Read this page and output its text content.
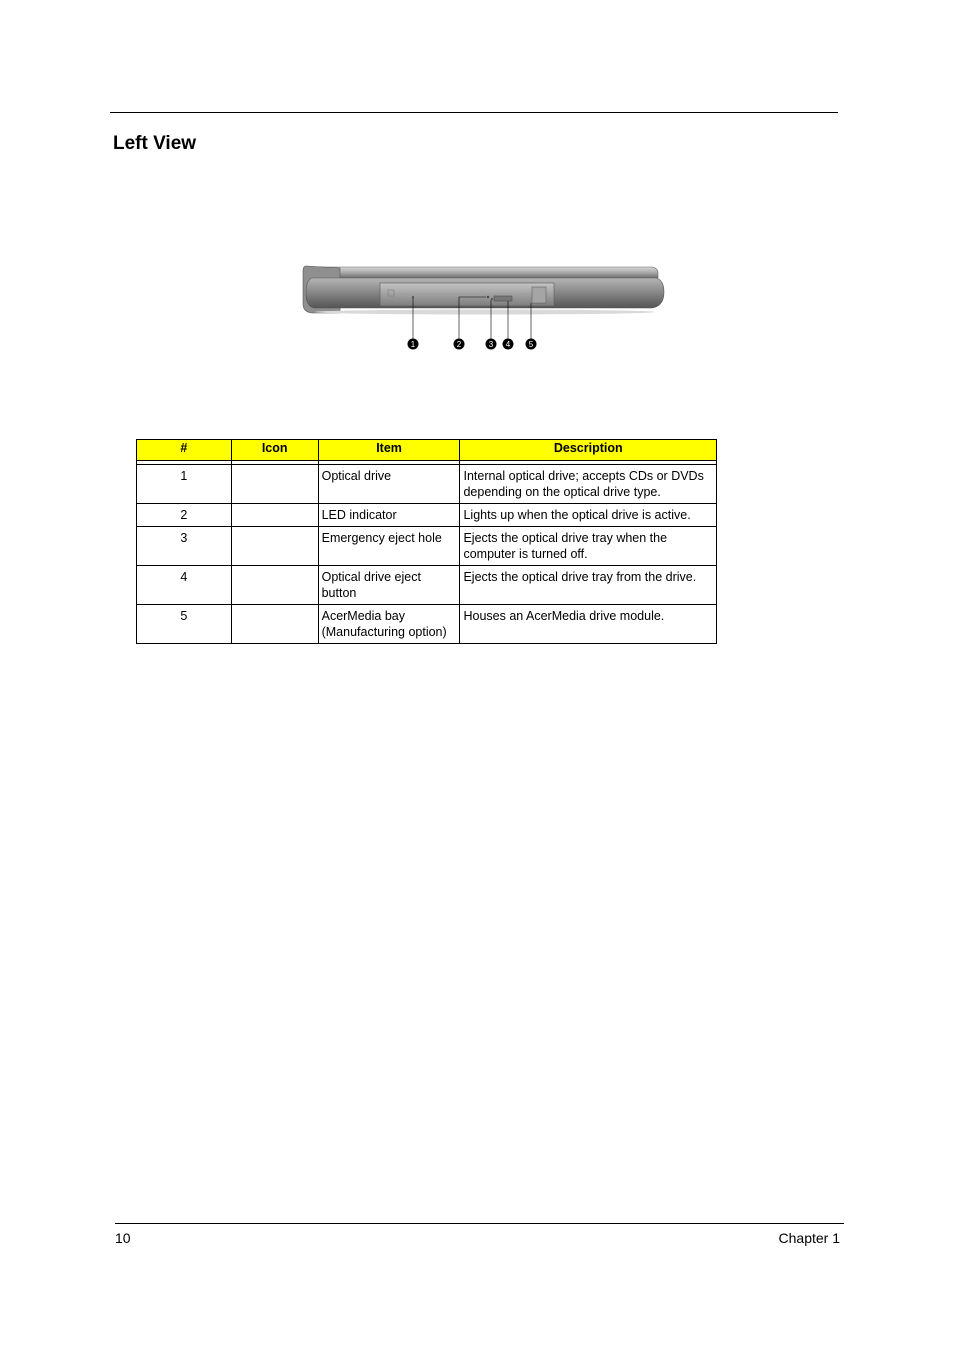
Left View
1	2	3 4 5
#	Icon	Item	Description

1		Optical drive	Internal optical drive; accepts CDs or DVDs depending on the optical drive type.
2		LED indicator	Lights up when the optical drive is active.
3		Emergency eject hole	Ejects the optical drive tray when the computer is turned off.
4		Optical drive eject button	Ejects the optical drive tray from the drive.
5		AcerMedia bay (Manufacturing option)	Houses an AcerMedia drive module.
10	Chapter 1
